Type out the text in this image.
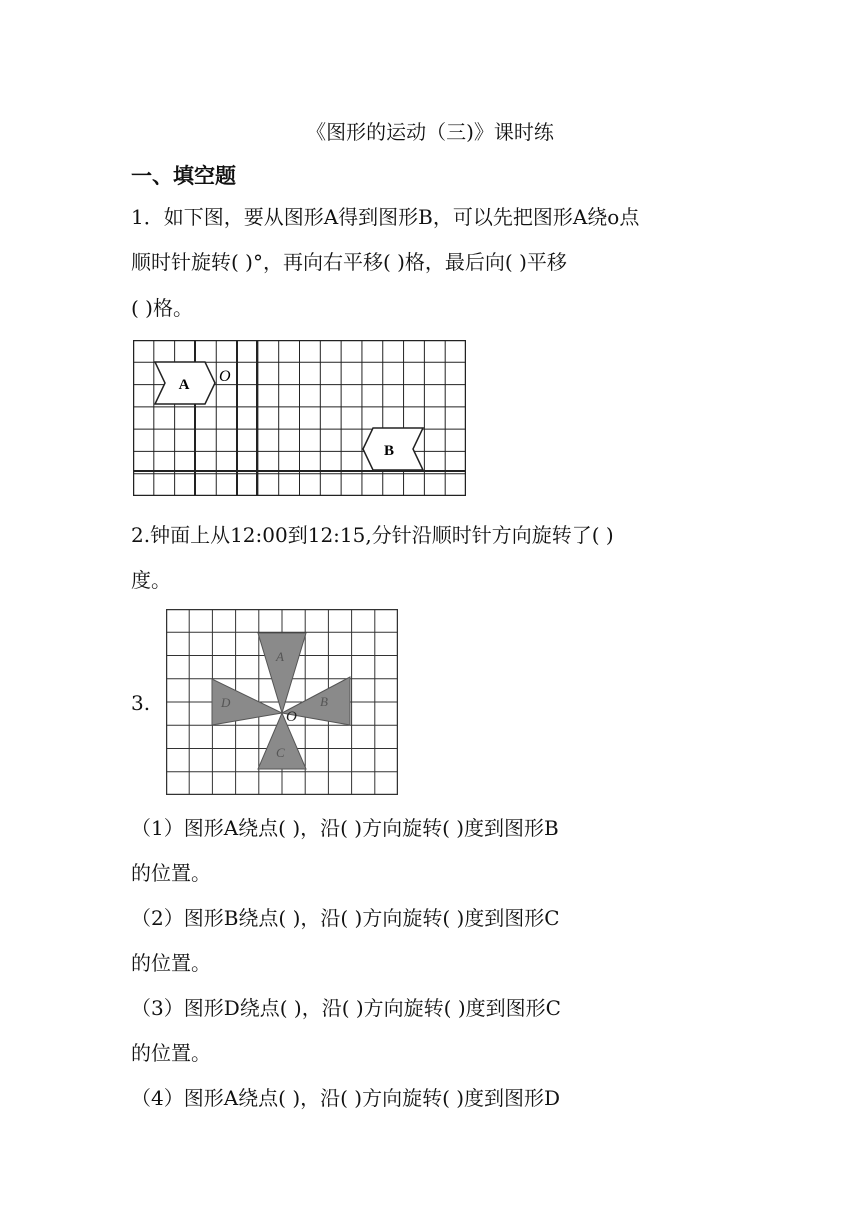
《图形的运动（三)》课时练
一、填空题
1．如下图，要从图形A得到图形B，可以先把图形A绕o点
顺时针旋转( )°，再向右平移( )格，最后向( )平移
( )格。
A O
B
2.钟面上从12:00到12:15,分针沿顺时针方向旋转了( )
度。
3.
A
B
C
D
O
（1）图形A绕点( )，沿( )方向旋转( )度到图形B
的位置。
（2）图形B绕点( )，沿( )方向旋转( )度到图形C
的位置。
（3）图形D绕点( )，沿( )方向旋转( )度到图形C
的位置。
（4）图形A绕点( )，沿( )方向旋转( )度到图形D
